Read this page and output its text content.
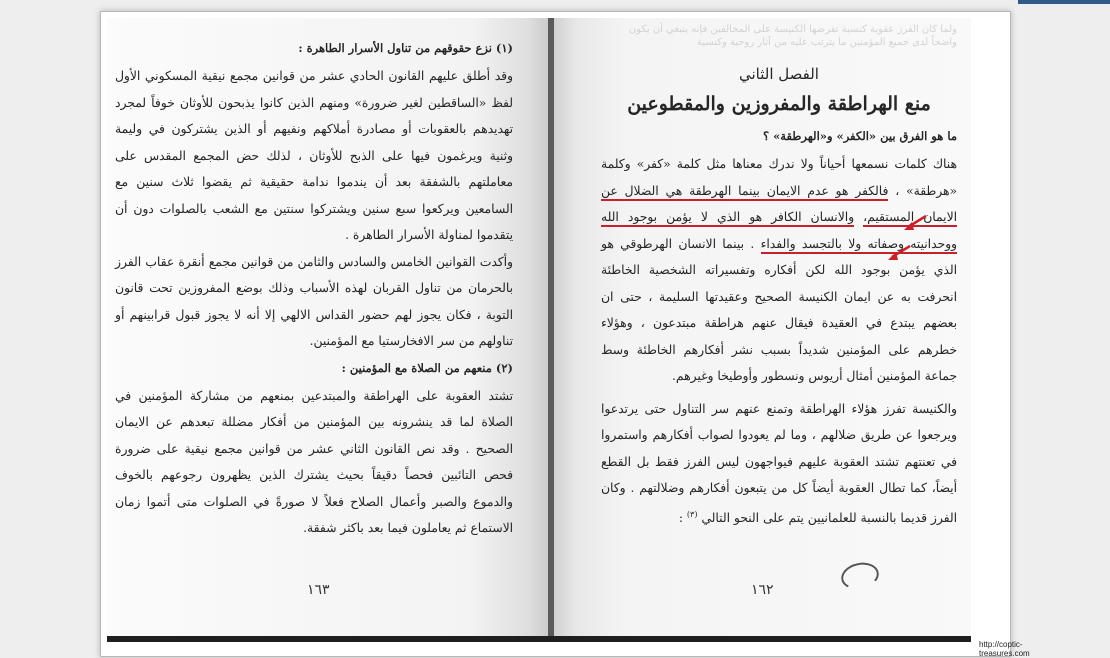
(١) نزع حقوقهم من تناول الأسرار الطاهرة :

وقد أطلق عليهم القانون الحادي عشر من قوانين مجمع نيقية المسكوني الأول لفظ «الساقطين لغير ضرورة» ومنهم الذين كانوا يذبحون للأوثان خوفاً لمجرد تهديدهم بالعقوبات أو مصادرة أملاكهم ونفيهم أو الذين يشتركون في وليمة وثنية ويرغمون فيها على الذبح للأوثان ، لذلك حض المجمع المقدس على معاملتهم بالشفقة بعد أن يندموا ندامة حقيقية ثم يقضوا ثلاث سنين مع السامعين ويركعوا سبع سنين ويشتركوا سنتين مع الشعب بالصلوات دون أن يتقدموا لمناولة الأسرار الطاهرة .

وأكدت القوانين الخامس والسادس والثامن من قوانين مجمع أنقرة عقاب الفرز بالحرمان من تناول القربان لهذه الأسباب وذلك بوضع المفروزين تحت قانون التوبة ، فكان يجوز لهم حضور القداس الالهي إلا أنه لا يجوز قبول قرابينهم أو تناولهم من سر الافخارستيا مع المؤمنين.

(٢) منعهم من الصلاة مع المؤمنين :

تشتد العقوبة على الهراطقة والمبتدعين بمنعهم من مشاركة المؤمنين في الصلاة لما قد ينشرونه بين المؤمنين من أفكار مضللة تبعدهم عن الايمان الصحيح . وقد نص القانون الثاني عشر من قوانين مجمع نيقية على ضرورة فحص التائبين فحصاً دقيقاً بحيث يشترك الذين يظهرون رجوعهم بالخوف والدموع والصبر وأعمال الصلاح فعلاً لا صورةً في الصلوات متى أتموا زمان الاستماع ثم يعاملون فيما بعد باكثر شفقة.

١٦٣
ولما كان الفرز عقوبة كنسية تفرضها الكنيسة على المخالفين فإنه ينبغي أن يكون واضحاً لدى جميع المؤمنين ما يترتب عليه من آثار روحية وكنسية
الفصل الثاني
منع الهراطقة والمفروزين والمقطوعين

ما هو الفرق بين «الكفر» و«الهرطقة» ؟

هناك كلمات نسمعها أحياناً ولا ندرك معناها مثل كلمة «كفر» وكلمة «هرطقة» ، فالكفر هو عدم الايمان بينما الهرطقة هي الضلال عن الايمان المستقيم، والانسان الكافر هو الذي لا يؤمن بوجود الله ووحدانيته وصفاته ولا بالتجسد والفداء . بينما الانسان الهرطوقي هو الذي يؤمن بوجود الله لكن أفكاره وتفسيراته الشخصية الخاطئة انحرفت به عن ايمان الكنيسة الصحيح وعقيدتها السليمة ، حتى ان بعضهم يبتدع في العقيدة فيقال عنهم هراطقة مبتدعون ، وهؤلاء خطرهم على المؤمنين شديداً بسبب نشر أفكارهم الخاطئة وسط جماعة المؤمنين أمثال أريوس ونسطور وأوطيخا وغيرهم.

والكنيسة تفرز هؤلاء الهراطقة وتمنع عنهم سر التناول حتى يرتدعوا ويرجعوا عن طريق ضلالهم ، وما لم يعودوا لصواب أفكارهم واستمروا في تعنتهم تشتد العقوبة عليهم فيواجهون ليس الفرز فقط بل القطع أيضاً، كما تطال العقوبة أيضاً كل من يتبعون أفكارهم وضلالتهم . وكان الفرز قديما بالنسبة للعلمانيين يتم على النحو التالي $^{(٣)}$ :

١٦٢
http://coptic-treasures.com
